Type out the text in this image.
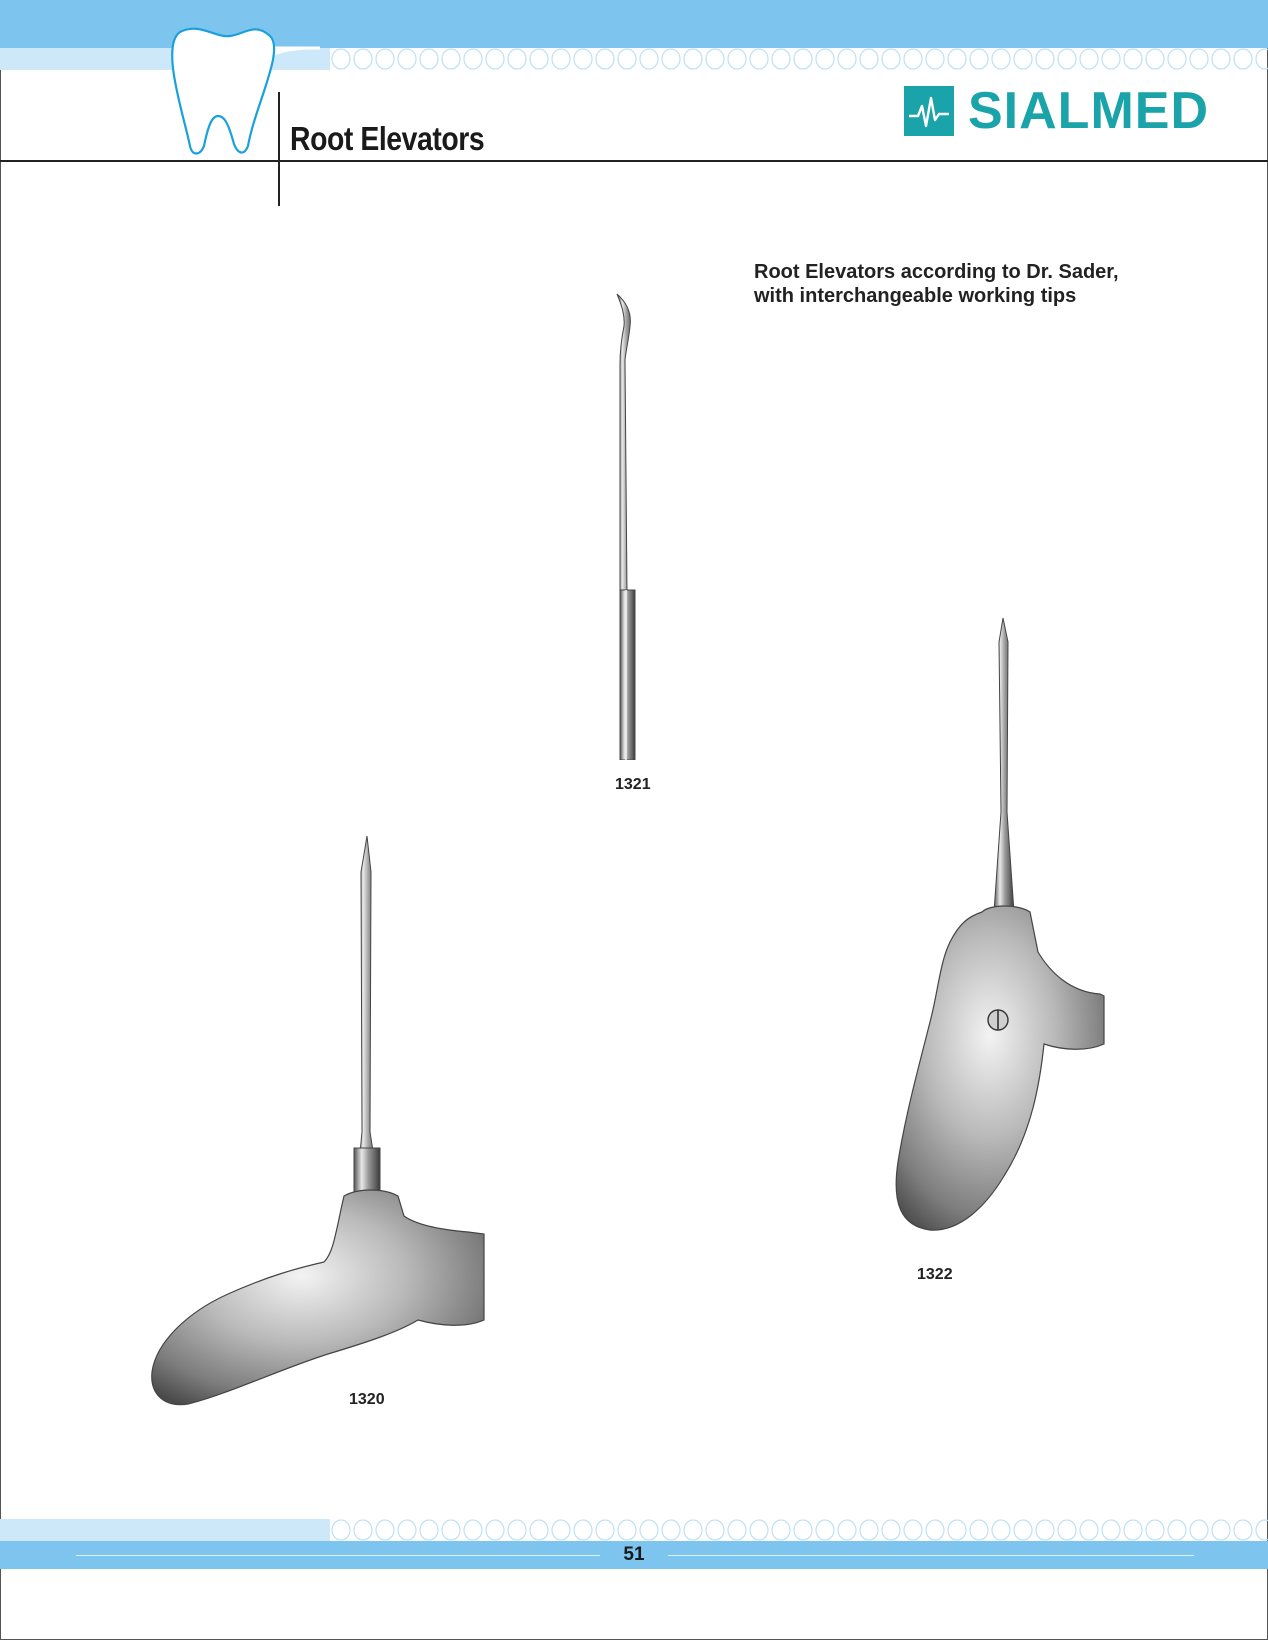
Root Elevators	SIALMED
Root Elevators according to Dr. Sader,
with interchangeable working tips
1321
1322
1320
51
